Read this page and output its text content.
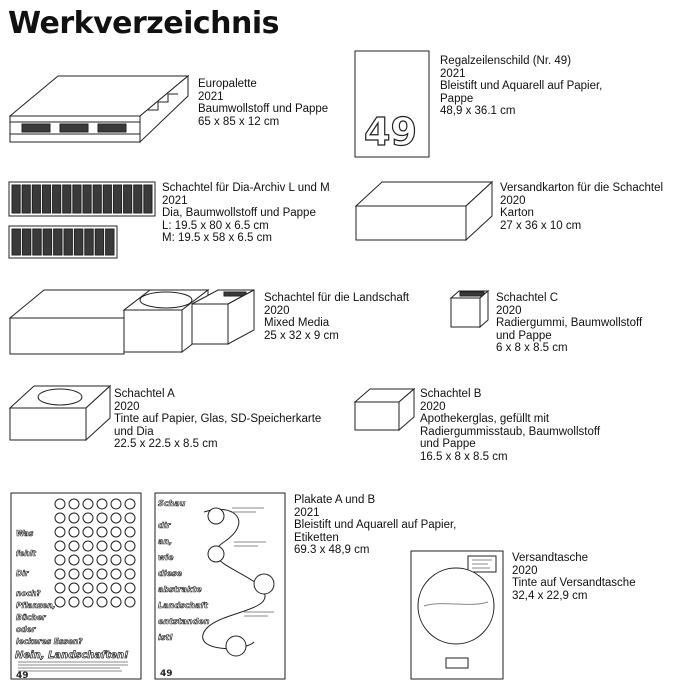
Werkverzeichnis
Europalette
2021
Baumwollstoff und Pappe
65 x 85 x 12 cm	49
Regalzeilenschild (Nr. 49)
2021
Bleistift und Aquarell auf Papier,
Pappe
48,9 x 36.1 cm
Schachtel für Dia-Archiv L und M
2021
Dia, Baumwollstoff und Pappe
L: 19.5 x 80 x 6.5 cm
M: 19.5 x 58 x 6.5 cm
Versandkarton für die Schachtel
2020
Karton
27 x 36 x 10 cm
Schachtel für die Landschaft
2020
Mixed Media
25 x 32 x 9 cm
Schachtel C
2020
Radiergummi, Baumwollstoff
und Pappe
6 x 8 x 8.5 cm
Schachtel A
2020
Tinte auf Papier, Glas, SD-Speicherkarte
und Dia
22.5 x 22.5 x 8.5 cm
Schachtel B
2020
Apothekerglas, gefüllt mit
Radiergummisstaub, Baumwollstoff
und Pappe
16.5 x 8 x 8.5 cm
Was
fehlt
Dir
noch?
Pflanzen,
Bücher
oder
leckeres Essen?
Nein, Landschaften!
49
Schau
dir
an,
wie
diese
abstrakte
Landschaft
entstanden
ist!
49
Plakate A und B
2021
Bleistift und Aquarell auf Papier,
Etiketten
69.3 x 48,9 cm
Versandtasche
2020
Tinte auf Versandtasche
32,4 x 22,9 cm
